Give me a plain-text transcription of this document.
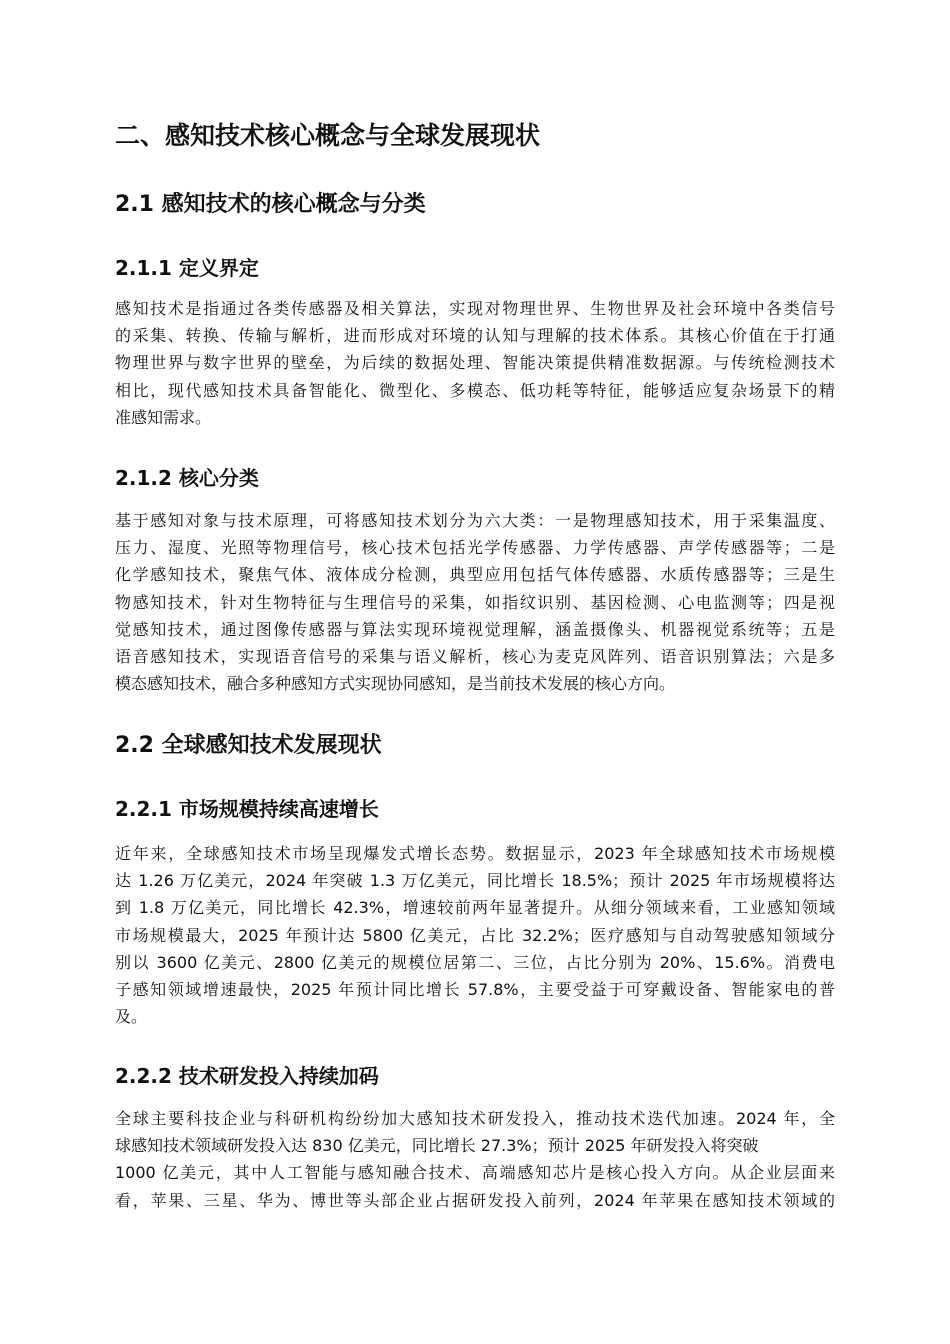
二、感知技术核心概念与全球发展现状
2.1 感知技术的核心概念与分类
2.1.1 定义界定
感知技术是指通过各类传感器及相关算法，实现对物理世界、生物世界及社会环境中各类信号
的采集、转换、传输与解析，进而形成对环境的认知与理解的技术体系。其核心价值在于打通
物理世界与数字世界的壁垒，为后续的数据处理、智能决策提供精准数据源。与传统检测技术
相比，现代感知技术具备智能化、微型化、多模态、低功耗等特征，能够适应复杂场景下的精
准感知需求。
2.1.2 核心分类
基于感知对象与技术原理，可将感知技术划分为六大类：一是物理感知技术，用于采集温度、
压力、湿度、光照等物理信号，核心技术包括光学传感器、力学传感器、声学传感器等；二是
化学感知技术，聚焦气体、液体成分检测，典型应用包括气体传感器、水质传感器等；三是生
物感知技术，针对生物特征与生理信号的采集，如指纹识别、基因检测、心电监测等；四是视
觉感知技术，通过图像传感器与算法实现环境视觉理解，涵盖摄像头、机器视觉系统等；五是
语音感知技术，实现语音信号的采集与语义解析，核心为麦克风阵列、语音识别算法；六是多
模态感知技术，融合多种感知方式实现协同感知，是当前技术发展的核心方向。
2.2 全球感知技术发展现状
2.2.1 市场规模持续高速增长
近年来，全球感知技术市场呈现爆发式增长态势。数据显示，2023 年全球感知技术市场规模
达 1.26 万亿美元，2024 年突破 1.3 万亿美元，同比增长 18.5%；预计 2025 年市场规模将达
到 1.8 万亿美元，同比增长 42.3%，增速较前两年显著提升。从细分领域来看，工业感知领域
市场规模最大，2025 年预计达 5800 亿美元，占比 32.2%；医疗感知与自动驾驶感知领域分
别以 3600 亿美元、2800 亿美元的规模位居第二、三位，占比分别为 20%、15.6%。消费电
子感知领域增速最快，2025 年预计同比增长 57.8%，主要受益于可穿戴设备、智能家电的普
及。
2.2.2 技术研发投入持续加码
全球主要科技企业与科研机构纷纷加大感知技术研发投入，推动技术迭代加速。2024 年，全
球感知技术领域研发投入达 830 亿美元，同比增长 27.3%；预计 2025 年研发投入将突破
1000 亿美元，其中人工智能与感知融合技术、高端感知芯片是核心投入方向。从企业层面来
看，苹果、三星、华为、博世等头部企业占据研发投入前列，2024 年苹果在感知技术领域的
